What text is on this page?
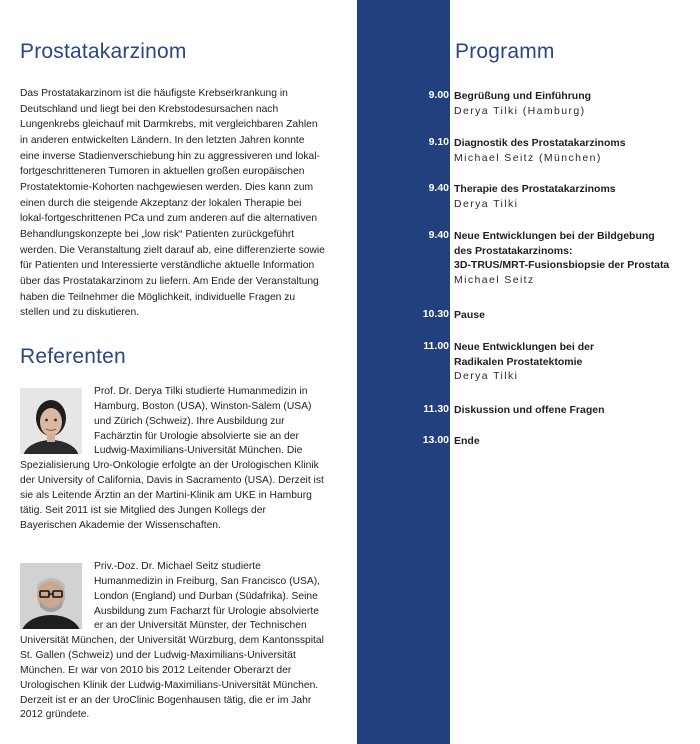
Prostatakarzinom

Das Prostatakarzinom ist die häufigste Krebserkrankung in Deutschland und liegt bei den Krebstodesursachen nach Lungenkrebs gleichauf mit Darmkrebs, mit vergleichbaren Zahlen in anderen entwickelten Ländern. In den letzten Jahren konnte eine inverse Stadienverschiebung hin zu aggressiveren und lokal-fortgeschritteneren Tumoren in aktuellen großen europäischen Prostatektomie-Kohorten nachgewiesen werden. Dies kann zum einen durch die steigende Akzeptanz der lokalen Therapie bei lokal-fortgeschrittenen PCa und zum anderen auf die alternativen Behandlungskonzepte bei „low risk“ Patienten zurückgeführt werden. Die Veranstaltung zielt darauf ab, eine differenzierte sowie für Patienten und Interessierte verständliche aktuelle Information über das Prostatakarzinom zu liefern. Am Ende der Veranstaltung haben die Teilnehmer die Möglichkeit, individuelle Fragen zu stellen und zu diskutieren.

Referenten
Prof. Dr. Derya Tilki studierte Humanmedizin in Hamburg, Boston (USA), Winston-Salem (USA) und Zürich (Schweiz). Ihre Ausbildung zur Fachärztin für Urologie absolvierte sie an der Ludwig-Maximilians-Universität München. Die Spezialisierung Uro-Onkologie erfolgte an der Urologischen Klinik der University of California, Davis in Sacramento (USA). Derzeit ist sie als Leitende Ärztin an der Martini-Klinik am UKE in Hamburg tätig. Seit 2011 ist sie Mitglied des Jungen Kollegs der Bayerischen Akademie der Wissenschaften.
Priv.-Doz. Dr. Michael Seitz studierte Humanmedizin in Freiburg, San Francisco (USA), London (England) und Durban (Südafrika). Seine Ausbildung zum Facharzt für Urologie absolvierte er an der Universität Münster, der Technischen Universität München, der Universität Würzburg, dem Kantonsspital St. Gallen (Schweiz) und der Ludwig-Maximilians-Universität München. Er war von 2010 bis 2012 Leitender Oberarzt der Urologischen Klinik der Ludwig-Maximilians-Universität München. Derzeit ist er an der UroClinic Bogenhausen tätig, die er im Jahr 2012 gründete.
Programm
9.00 Begrüßung und Einführung
Derya Tilki (Hamburg)
9.10 Diagnostik des Prostatakarzinoms
Michael Seitz (München)
9.40 Therapie des Prostatakarzinoms
Derya Tilki
9.40 Neue Entwicklungen bei der Bildgebung
des Prostatakarzinoms:
3D-TRUS/MRT-Fusionsbiopsie der Prostata
Michael Seitz
10.30 Pause
11.00 Neue Entwicklungen bei der
Radikalen Prostatektomie
Derya Tilki
11.30 Diskussion und offene Fragen
13.00 Ende
